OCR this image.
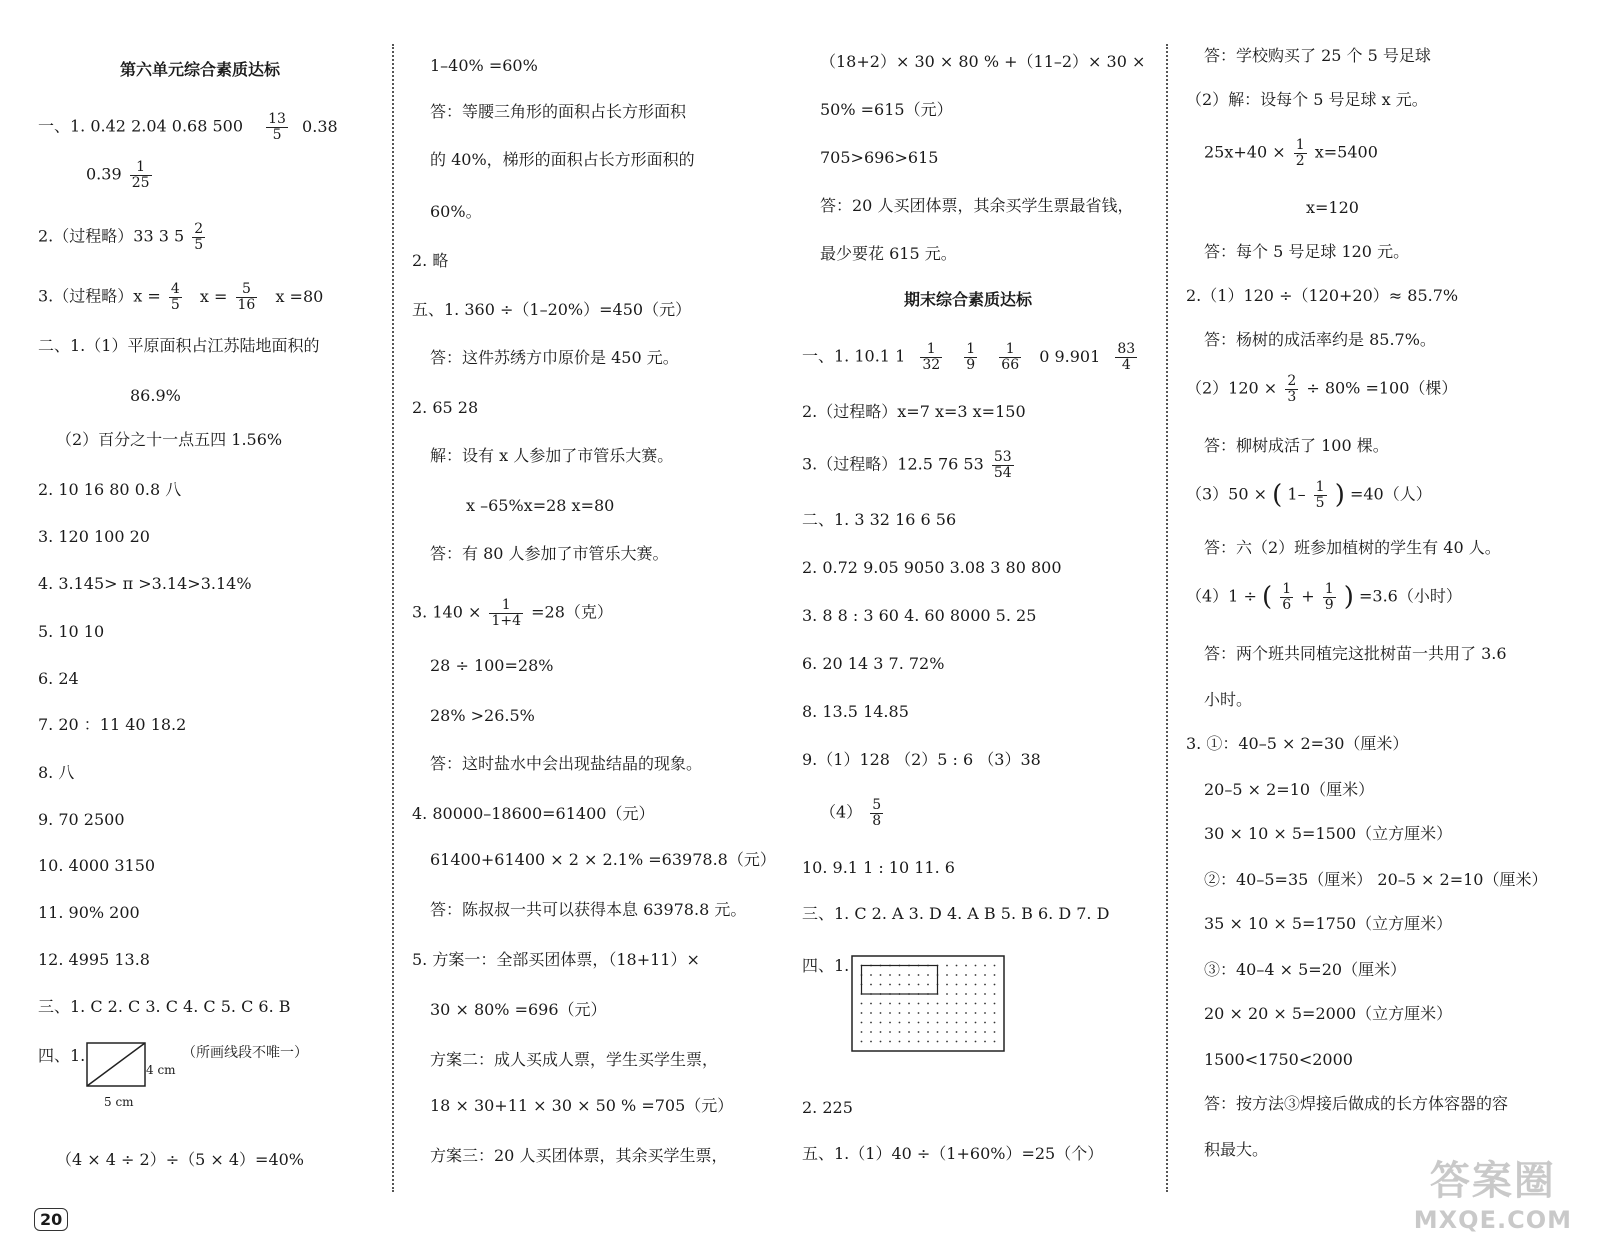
第六单元综合素质达标
一、1. 0.42 2.04 0.68 $500 \frac{13}{5} 0.38$
$0.39 \frac{1}{25}$
2.（过程略）33 3 $5 \frac{2}{5}$
3.（过程略）$x = \frac{4}{5}$ $x = \frac{5}{16}$ x =80
二、1.（1）平原面积占江苏陆地面积的
86.9%
（2）百分之十一点五四 1.56%
2. 10 16 80 0.8 八
3. 120 100 20
4. 3.145> π >3.14>3.14%
5. 10 10
6. 24
7. 20 ：11 40 18.2
8. 八
9. 70 2500
10. 4000 3150
11. 90% 200
12. 4995 13.8
三、1. C 2. C 3. C 4. C 5. C 6. B
四、1.
4 cm
5 cm
（所画线段不唯一）
（4 × 4 ÷ 2）÷（5 × 4）=40%
1–40% =60%
答：等腰三角形的面积占长方形面积
的 40%，梯形的面积占长方形面积的
60%。
2. 略
五、1. 360 ÷（1–20%）=450（元）
答：这件苏绣方巾原价是 450 元。
2. 65 28
解：设有 x 人参加了市管乐大赛。
x –65%x=28 x=80
答：有 80 人参加了市管乐大赛。
3. $140 \times \frac{1}{1+4} =28$（克）
28 ÷ 100=28%
28% >26.5%
答：这时盐水中会出现盐结晶的现象。
4. 80000–18600=61400（元）
61400+61400 × 2 × 2.1% =63978.8（元）
答：陈叔叔一共可以获得本息 63978.8 元。
5. 方案一：全部买团体票，（18+11）×
30 × 80% =696（元）
方案二：成人买成人票，学生买学生票，
18 × 30+11 × 30 × 50 % =705（元）
方案三：20 人买团体票，其余买学生票，
（18+2）× 30 × 80 % +（11–2）× 30 ×
50% =615（元）
705>696>615
答：20 人买团体票，其余买学生票最省钱，
最少要花 615 元。
期末综合素质达标
一、1. 10.1 $1 \frac{1}{32}$
$\frac{1}{9}$
$\frac{1}{66} 0$ $9.901 \frac{83}{4}$
2.（过程略）x=7 x=3 x=150
3.（过程略）12.5 76 $53 \frac{53}{54}$
二、1. 3 32 16 6 56
2. 0.72 9.05 9050 3.08 3 80 800
3. 8 8 : 3 60 4. 60 8000 5. 25
6. 20 14 3 7. 72%
8. 13.5 14.85
9.（1）128 （2）5 : 6 （3）38
$(4) \frac{5}{8}$
10. 9.1 1 : 10 11. 6
三、1. C 2. A 3. D 4. A B 5. B 6. D 7. D
四、1.
2. 225
五、1.（1）40 ÷（1+60%）=25（个）
答：学校购买了 25 个 5 号足球
（2）解：设每个 5 号足球 x 元。
$25x+40 \times \frac{1}{2} x=5400$
x=120
答：每个 5 号足球 120 元。
2.（1）120 ÷（120+20）≈ 85.7%
答：杨树的成活率约是 85.7%。
$(2)120 \times \frac{2}{3} \div 80\% =100$（棵）
答：柳树成活了 100 棵。
（3）50 × ( $1- \frac{1}{5}$ ) =40（人）
答：六（2）班参加植树的学生有 40 人。
（4）1 ÷ ( $\frac{1}{6} + \frac{1}{9}$ ) =3.6（小时）
答：两个班共同植完这批树苗一共用了 3.6
小时。
3. ①：40–5 × 2=30（厘米）
20–5 × 2=10（厘米）
30 × 10 × 5=1500（立方厘米）
②：40–5=35（厘米） 20–5 × 2=10（厘米）
35 × 10 × 5=1750（立方厘米）
③：40–4 × 5=20（厘米）
20 × 20 × 5=2000（立方厘米）
1500<1750<2000
答：按方法③焊接后做成的长方体容器的容
积最大。
20
答案圈
MXQE.COM
